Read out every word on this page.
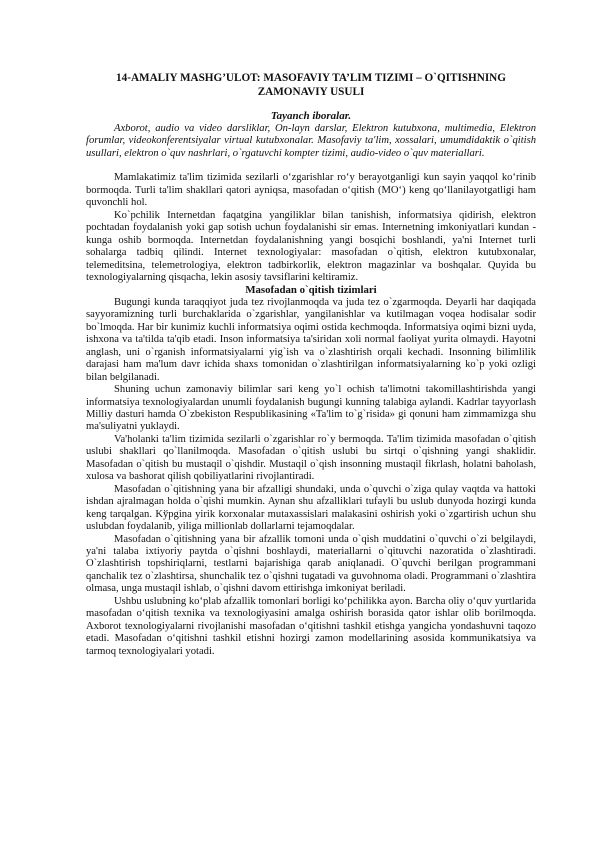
14-AMALIY MASHG’ULOT: MASOFAVIY TA’LIM TIZIMI – O`QITISHNING ZAMONAVIY USULI

Tayanch iboralar.

Axborot, audio va video darsliklar, On-layn darslar, Elektron kutubxona, multimedia, Elektron forumlar, videokonferentsiyalar virtual kutubxonalar. Masofaviy ta'lim, xossalari, umumdidaktik o`qitish usullari, elektron o`quv nashrlari, o`rgatuvchi kompter tizimi, audio-video o`quv materiallari.

Mamlakatimiz ta'lim tizimida sezilarli o‘zgarishlar ro‘y berayotganligi kun sayin yaqqol ko‘rinib bormoqda. Turli ta'lim shakllari qatori ayniqsa, masofadan o‘qitish (MO‘) keng qo‘llanilayotgatligi ham quvonchli hol.

Ko`pchilik Internetdan faqatgina yangiliklar bilan tanishish, informatsiya qidirish, elektron pochtadan foydalanish yoki gap sotish uchun foydalanishi sir emas. Internetning imkoniyatlari kundan - kunga oshib bormoqda. Internetdan foydalanishning yangi bosqichi boshlandi, ya'ni Internet turli sohalarga tadbiq qilindi. Internet texnologiyalar: masofadan o`qitish, elektron kutubxonalar, telemeditsina, telemetrologiya, elektron tadbirkorlik, elektron magazinlar va boshqalar. Quyida bu texnologiyalarning qisqacha, lekin asosiy tavsiflarini keltiramiz.

Masofadan o`qitish tizimlari

Bugungi kunda taraqqiyot juda tez rivojlanmoqda va juda tez o`zgarmoqda. Deyarli har daqiqada sayyoramizning turli burchaklarida o`zgarishlar, yangilanishlar va kutilmagan voqea hodisalar sodir bo`lmoqda. Har bir kunimiz kuchli informatsiya oqimi ostida kechmoqda. Informatsiya oqimi bizni uyda, ishxona va ta'tilda ta'qib etadi. Inson informatsiya ta'siridan xoli normal faoliyat yurita olmaydi. Hayotni anglash, uni o`rganish informatsiyalarni yig`ish va o`zlashtirish orqali kechadi. Insonning bilimlilik darajasi ham ma'lum davr ichida shaxs tomonidan o`zlashtirilgan informatsiyalarning ko`p yoki ozligi bilan belgilanadi.

Shuning uchun zamonaviy bilimlar sari keng yo`l ochish ta'limotni takomillashtirishda yangi informatsiya texnologiyalardan unumli foydalanish bugungi kunning talabiga aylandi. Kadrlar tayyorlash Milliy dasturi hamda O`zbekiston Respublikasining «Ta'lim to`g`risida» gi qonuni ham zimmamizga shu ma'suliyatni yuklaydi.

Va'holanki ta'lim tizimida sezilarli o`zgarishlar ro`y bermoqda. Ta'lim tizimida masofadan o`qitish uslubi shakllari qo`llanilmoqda. Masofadan o`qitish uslubi bu sirtqi o`qishning yangi shaklidir. Masofadan o`qitish bu mustaqil o`qishdir. Mustaqil o`qish insonning mustaqil fikrlash, holatni baholash, xulosa va bashorat qilish qobiliyatlarini rivojlantiradi.

Masofadan o`qitishning yana bir afzalligi shundaki, unda o`quvchi o`ziga qulay vaqtda va hattoki ishdan ajralmagan holda o`qishi mumkin. Aynan shu afzalliklari tufayli bu uslub dunyoda hozirgi kunda keng tarqalgan. Kўpgina yirik korxonalar mutaxassislari malakasini oshirish yoki o`zgartirish uchun shu uslubdan foydalanib, yiliga millionlab dollarlarni tejamoqdalar.

Masofadan o`qitishning yana bir afzallik tomoni unda o`qish muddatini o`quvchi o`zi belgilaydi, ya'ni talaba ixtiyoriy paytda o`qishni boshlaydi, materiallarni o`qituvchi nazoratida o`zlashtiradi. O`zlashtirish topshiriqlarni, testlarni bajarishiga qarab aniqlanadi. O`quvchi berilgan programmani qanchalik tez o`zlashtirsa, shunchalik tez o`qishni tugatadi va guvohnoma oladi. Programmani o`zlashtira olmasa, unga mustaqil ishlab, o`qishni davom ettirishga imkoniyat beriladi.

Ushbu uslubning ko‘plab afzallik tomonlari borligi ko‘pchilikka ayon. Barcha oliy o‘quv yurtlarida masofadan o‘qitish texnika va texnologiyasini amalga oshirish borasida qator ishlar olib borilmoqda. Axborot texnologiyalarni rivojlanishi masofadan o‘qitishni tashkil etishga yangicha yondashuvni taqozo etadi. Masofadan o‘qitishni tashkil etishni hozirgi zamon modellarining asosida kommunikatsiya va tarmoq texnologiyalari yotadi.
